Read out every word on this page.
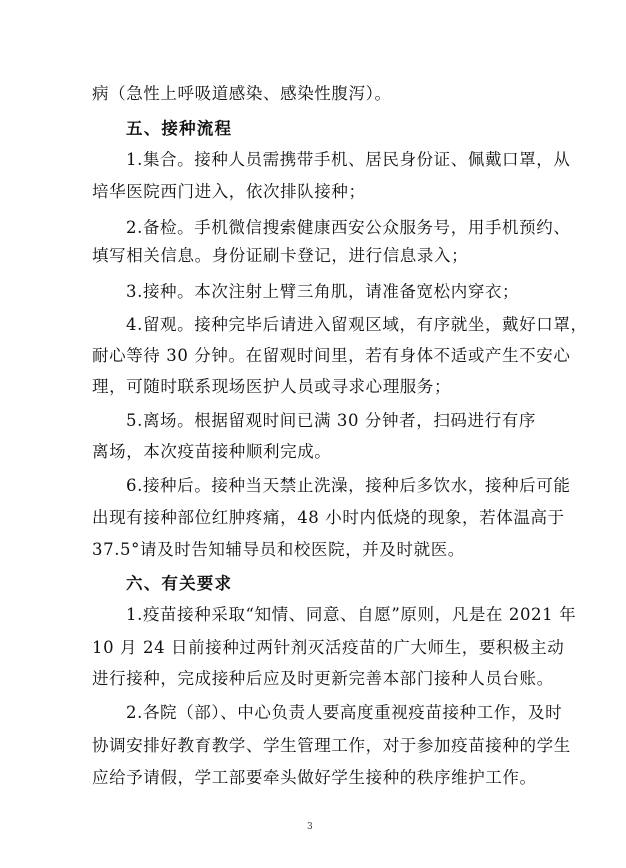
病（急性上呼吸道感染、感染性腹泻）。
五、接种流程
1.集合。接种人员需携带手机、居民身份证、佩戴口罩，从
培华医院西门进入，依次排队接种；
2.备检。手机微信搜索健康西安公众服务号，用手机预约、
填写相关信息。身份证刷卡登记，进行信息录入；
3.接种。本次注射上臂三角肌，请准备宽松内穿衣；
4.留观。接种完毕后请进入留观区域，有序就坐，戴好口罩，
耐心等待 30 分钟。在留观时间里，若有身体不适或产生不安心
理，可随时联系现场医护人员或寻求心理服务；
5.离场。根据留观时间已满 30 分钟者，扫码进行有序
离场，本次疫苗接种顺利完成。
6.接种后。接种当天禁止洗澡，接种后多饮水，接种后可能
出现有接种部位红肿疼痛，48 小时内低烧的现象，若体温高于
37.5°请及时告知辅导员和校医院，并及时就医。
六、有关要求
1.疫苗接种采取“知情、同意、自愿”原则，凡是在 2021 年
10 月 24 日前接种过两针剂灭活疫苗的广大师生，要积极主动
进行接种，完成接种后应及时更新完善本部门接种人员台账。
2.各院（部）、中心负责人要高度重视疫苗接种工作，及时
协调安排好教育教学、学生管理工作，对于参加疫苗接种的学生
应给予请假，学工部要牵头做好学生接种的秩序维护工作。
3
